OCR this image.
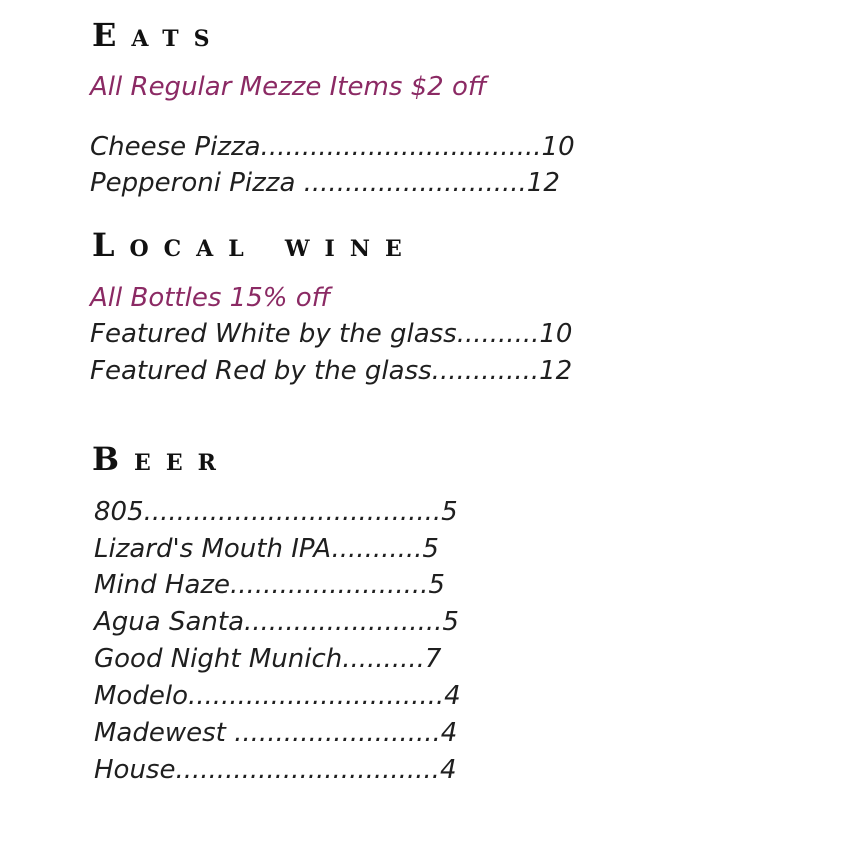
Eats

All Regular Mezze Items $2 off

Cheese Pizza..................................10

Pepperoni Pizza ...........................12

Local wine

All Bottles 15% off

Featured White by the glass..........10

Featured Red by the glass.............12

Beer

805....................................5

Lizard's Mouth IPA...........5

Mind Haze........................5

Agua Santa........................5

Good Night Munich..........7

Modelo...............................4

Madewest .........................4

House................................4
